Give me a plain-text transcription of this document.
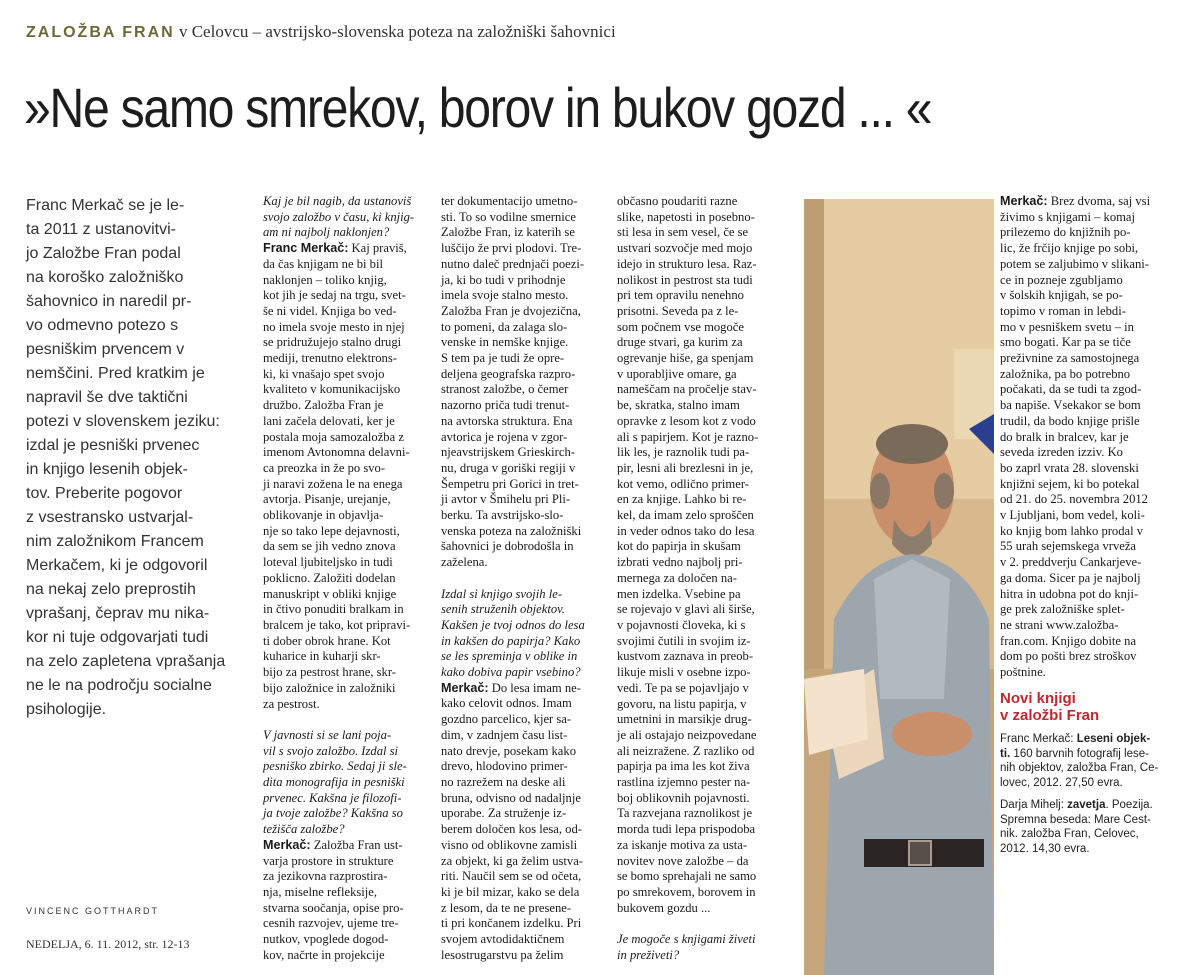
ZALOŽBA FRAN v Celovcu – avstrijsko-slovenska poteza na založniški šahovnici
»Ne samo smrekov, borov in bukov gozd ... «
Franc Merkač se je le-
ta 2011 z ustanovitvi-
jo Založbe Fran podal
na koroško založniško
šahovnico in naredil pr-
vo odmevno potezo s
pesniškim prvencem v
nemščini. Pred kratkim je
napravil še dve taktični
potezi v slovenskem jeziku:
izdal je pesniški prvenec
in knjigo lesenih objek-
tov. Preberite pogovor
z vsestransko ustvarjal-
nim založnikom Francem
Merkačem, ki je odgovoril
na nekaj zelo preprostih
vprašanj, čeprav mu nika-
kor ni tuje odgovarjati tudi
na zelo zapletena vprašanja
ne le na področju socialne
psihologije.
Kaj je bil nagib, da ustanoviš
svojo založbo v času, ki knjig-
am ni najbolj naklonjen?
Franc Merkač: Kaj praviš,
da čas knjigam ne bi bil
naklonjen – toliko knjig,
kot jih je sedaj na trgu, svet-
še ni videl. Knjiga bo ved-
no imela svoje mesto in njej
se pridružujejo stalno drugi
mediji, trenutno elektrons-
ki, ki vnašajo spet svojo
kvaliteto v komunikacijsko
družbo. Založba Fran je
lani začela delovati, ker je
postala moja samozaložba z
imenom Avtonomna delavni-
ca preozka in že po svo-
ji naravi zožena le na enega
avtorja. Pisanje, urejanje,
oblikovanje in objavlja-
nje so tako lepe dejavnosti,
da sem se jih vedno znova
loteval ljubiteljsko in tudi
poklicno. Založiti dodelan
manuskript v obliki knjige
in čtivo ponuditi bralkam in
bralcem je tako, kot pripravi-
ti dober obrok hrane. Kot
kuharice in kuharji skr-
bijo za pestrost hrane, skr-
bijo založnice in založniki
za pestrost.
V javnosti si se lani poja-
vil s svojo založbo. Izdal si
pesniško zbirko. Sedaj ji sle-
dita monografija in pesniški
prvenec. Kakšna je filozofi-
ja tvoje založbe? Kakšna so
težišča založbe?
Merkač: Založba Fran ust-
varja prostore in strukture
za jezikovna razprostira-
nja, miselne refleksije,
stvarna soočanja, opise pro-
cesnih razvojev, ujeme tre-
nutkov, vpoglede dogod-
kov, načrte in projekcije
ter dokumentacijo umetno-
sti. To so vodilne smernice
Založbe Fran, iz katerih se
luščijo že prvi plodovi. Tre-
nutno daleč prednjači poezi-
ja, ki bo tudi v prihodnje
imela svoje stalno mesto.
Založba Fran je dvojezična,
to pomeni, da zalaga slo-
venske in nemške knjige.
S tem pa je tudi že opre-
deljena geografska razpro-
stranost založbe, o čemer
nazorno priča tudi trenut-
na avtorska struktura. Ena
avtorica je rojena v zgor-
njeavstrijskem Grieskirch-
nu, druga v goriški regiji v
Šempetru pri Gorici in tret-
ji avtor v Šmihelu pri Pli-
berku. Ta avstrijsko-slo-
venska poteza na založniški
šahovnici je dobrodošla in
zaželena.
Izdal si knjigo svojih le-
senih struženih objektov.
Kakšen je tvoj odnos do lesa
in kakšen do papirja? Kako
se les spreminja v oblike in
kako dobiva papir vsebino?
Merkač: Do lesa imam ne-
kako celovit odnos. Imam
gozdno parcelico, kjer sa-
dim, v zadnjem času list-
nato drevje, posekam kako
drevo, hlodovino primer-
no razrežem na deske ali
bruna, odvisno od nadaljnje
uporabe. Za struženje iz-
berem določen kos lesa, od-
visno od oblikovne zamisli
za objekt, ki ga želim ustva-
riti. Naučil sem se od očeta,
ki je bil mizar, kako se dela
z lesom, da te ne presene-
ti pri končanem izdelku. Pri
svojem avtodidaktičnem
lesostrugarstvu pa želim
občasno poudariti razne
slike, napetosti in posebno-
sti lesa in sem vesel, če se
ustvari sozvočje med mojo
idejo in strukturo lesa. Raz-
nolikost in pestrost sta tudi
pri tem opravilu nenehno
prisotni. Seveda pa z le-
som počnem vse mogoče
druge stvari, ga kurim za
ogrevanje hiše, ga spenjam
v uporabljive omare, ga
nameščam na pročelje stav-
be, skratka, stalno imam
opravke z lesom kot z vodo
ali s papirjem. Kot je razno-
lik les, je raznolik tudi pa-
pir, lesni ali brezlesni in je,
kot vemo, odlično primer-
en za knjige. Lahko bi re-
kel, da imam zelo sproščen
in veder odnos tako do lesa
kot do papirja in skušam
izbrati vedno najbolj pri-
mernega za določen na-
men izdelka. Vsebine pa
se rojevajo v glavi ali širše,
v pojavnosti človeka, ki s
svojimi čutili in svojim iz-
kustvom zaznava in preob-
likuje misli v osebne izpo-
vedi. Te pa se pojavljajo v
govoru, na listu papirja, v
umetnini in marsikje drug-
je ali ostajajo neizpovedane
ali neizražene. Z razliko od
papirja pa ima les kot živa
rastlina izjemno pester na-
boj oblikovnih pojavnosti.
Ta razvejana raznolikost je
morda tudi lepa prispodoba
za iskanje motiva za usta-
novitev nove založbe – da
se bomo sprehajali ne samo
po smrekovem, borovem in
bukovem gozdu ...
Je mogoče s knjigami živeti
in preživeti?
Merkač: Brez dvoma, saj vsi
živimo s knjigami – komaj
prilezemo do knjižnih po-
lic, že frčijo knjige po sobi,
potem se zaljubimo v slikani-
ce in pozneje zgubljamo
v šolskih knjigah, se po-
topimo v roman in lebdi-
mo v pesniškem svetu – in
smo bogati. Kar pa se tiče
preživnine za samostojnega
založnika, pa bo potrebno
počakati, da se tudi ta zgod-
ba napiše. Vsekakor se bom
trudil, da bodo knjige prišle
do bralk in bralcev, kar je
seveda izreden izziv. Ko
bo zaprl vrata 28. slovenski
knjižni sejem, ki bo potekal
od 21. do 25. novembra 2012
v Ljubljani, bom vedel, koli-
ko knjig bom lahko prodal v
55 urah sejemskega vrveža
v 2. preddverju Cankarjeve-
ga doma. Sicer pa je najbolj
hitra in udobna pot do knji-
ge prek založniške splet-
ne strani www.založba-
fran.com. Knjigo dobite na
dom po pošti brez stroškov
poštnine.
Novi knjigi
v založbi Fran
Franc Merkač: Leseni objek-
ti. 160 barvnih fotografij lese-
nih objektov, založba Fran, Ce-
lovec, 2012. 27,50 evra.
Darja Mihelj: zavetja. Poezija.
Spremna beseda: Mare Cest-
nik. založba Fran, Celovec,
2012. 14,30 evra.
VINCENC GOTTHARDT
NEDELJA, 6. 11. 2012, str. 12-13
